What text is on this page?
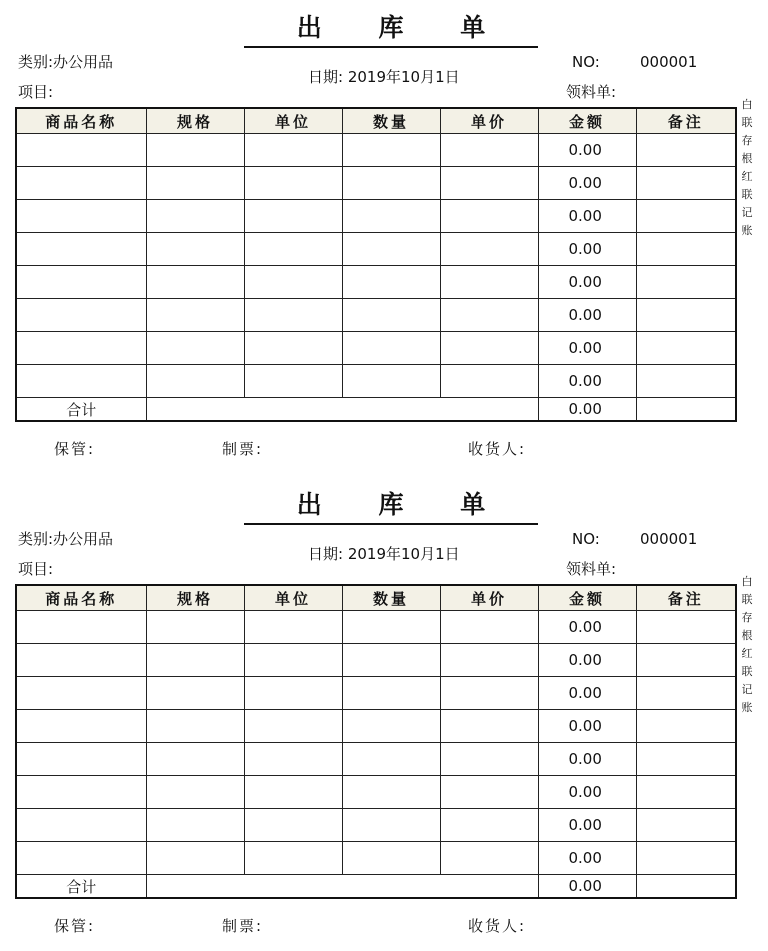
出 库 单
类别:办公用品
项目:
日期: 2019年10月1日
NO:	000001
领料单:
商品名称	规格	单位	数量	单价	金额	备注
					0.00	
					0.00	
					0.00	
					0.00	
					0.00	
					0.00	
					0.00	
					0.00	
合计					0.00	
白联存根红联记账
保管:	制票:	收货人:
出 库 单
类别:办公用品
项目:
日期: 2019年10月1日
NO:	000001
领料单:
商品名称	规格	单位	数量	单价	金额	备注
					0.00	
					0.00	
					0.00	
					0.00	
					0.00	
					0.00	
					0.00	
					0.00	
合计					0.00	
白联存根红联记账
保管:	制票:	收货人:
